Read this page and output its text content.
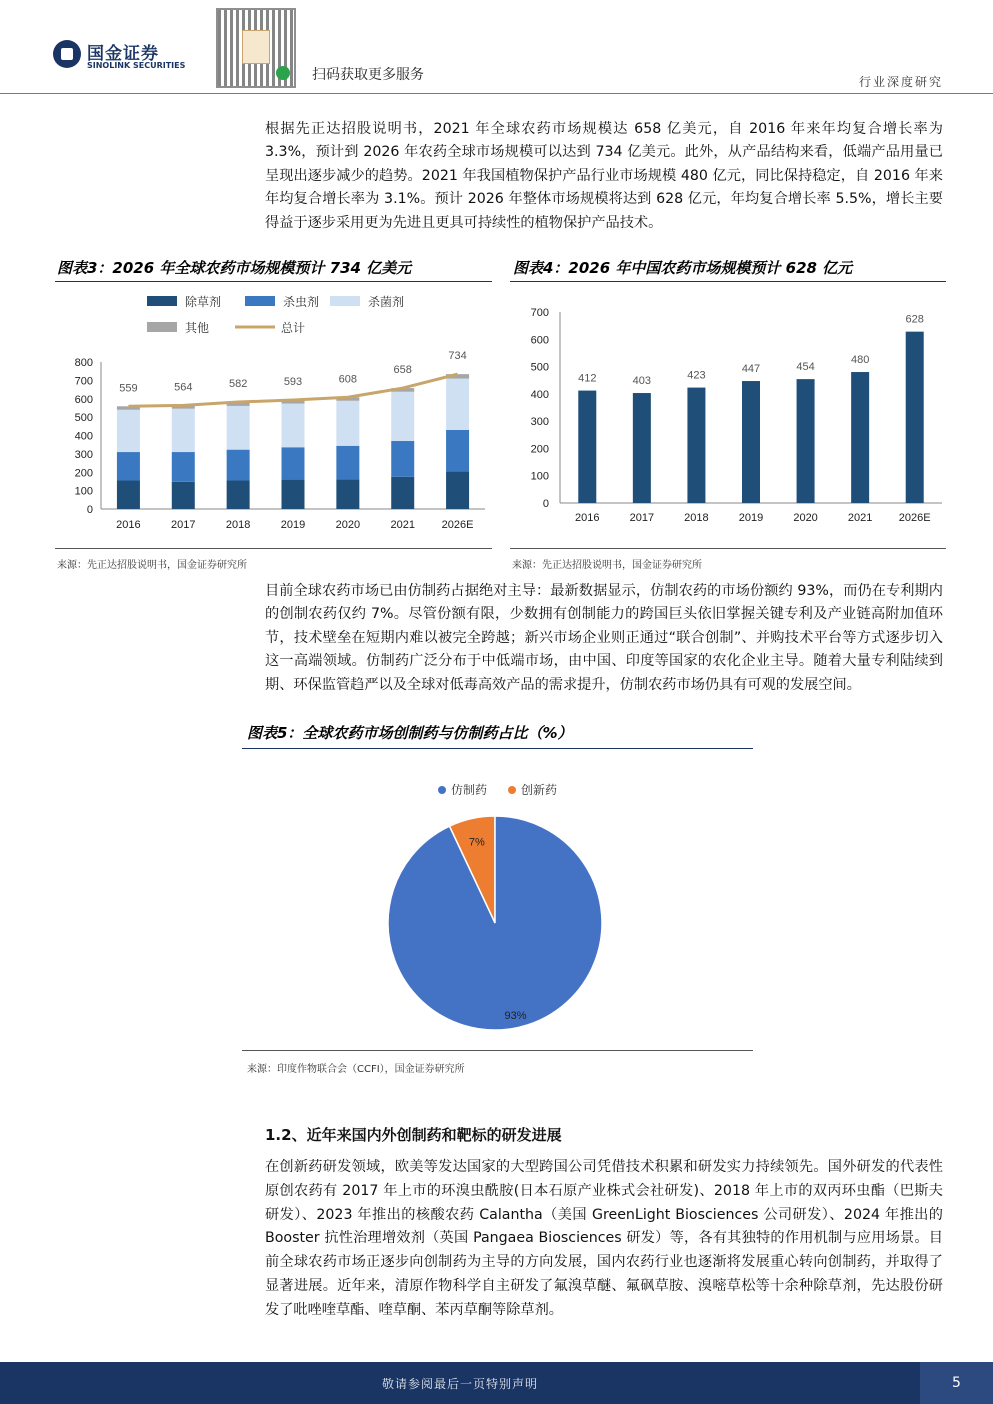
国金证券
SINOLINK SECURITIES
扫码获取更多服务	行业深度研究
根据先正达招股说明书，2021 年全球农药市场规模达 658 亿美元，自 2016 年来年均复合增长率为 3.3%，预计到 2026 年农药全球市场规模可以达到 734 亿美元。此外，从产品结构来看，低端产品用量已呈现出逐步减少的趋势。2021 年我国植物保护产品行业市场规模 480 亿元，同比保持稳定，自 2016 年来年均复合增长率为 3.1%。预计 2026 年整体市场规模将达到 628 亿元，年均复合增长率 5.5%，增长主要得益于逐步采用更为先进且更具可持续性的植物保护产品技术。
图表3：2026 年全球农药市场规模预计 734 亿美元
除草剂	杀虫剂	杀菌剂
其他	总计
0
100
200
300
400
500
600
700
800
2016
559
2017
564
2018
582
2019
593
2020
608
2021
658
2026E
734
来源：先正达招股说明书，国金证券研究所
图表4：2026 年中国农药市场规模预计 628 亿元
0
100
200
300
400
500
600
700
412
2016
403
2017
423
2018
447
2019
454
2020
480
2021
628
2026E
来源：先正达招股说明书，国金证券研究所
目前全球农药市场已由仿制药占据绝对主导：最新数据显示，仿制农药的市场份额约 93%，而仍在专利期内的创制农药仅约 7%。尽管份额有限，少数拥有创制能力的跨国巨头依旧掌握关键专利及产业链高附加值环节，技术壁垒在短期内难以被完全跨越；新兴市场企业则正通过“联合创制”、并购技术平台等方式逐步切入这一高端领域。仿制药广泛分布于中低端市场，由中国、印度等国家的农化企业主导。随着大量专利陆续到期、环保监管趋严以及全球对低毒高效产品的需求提升，仿制农药市场仍具有可观的发展空间。
图表5：全球农药市场创制药与仿制药占比（%）
仿制药	创新药
7%
93%
来源：印度作物联合会（CCFI），国金证券研究所
1.2、近年来国内外创制药和靶标的研发进展
在创新药研发领域，欧美等发达国家的大型跨国公司凭借技术积累和研发实力持续领先。国外研发的代表性原创农药有 2017 年上市的环溴虫酰胺(日本石原产业株式会社研发)、2018 年上市的双丙环虫酯（巴斯夫研发）、2023 年推出的核酸农药 Calantha（美国 GreenLight Biosciences 公司研发）、2024 年推出的 Booster 抗性治理增效剂（英国 Pangaea Biosciences 研发）等，各有其独特的作用机制与应用场景。目前全球农药市场正逐步向创制药为主导的方向发展，国内农药行业也逐渐将发展重心转向创制药，并取得了显著进展。近年来，清原作物科学自主研发了氟溴草醚、氟砜草胺、溴嘧草松等十余种除草剂，先达股份研发了吡唑喹草酯、喹草酮、苯丙草酮等除草剂。
敬请参阅最后一页特别声明	5
